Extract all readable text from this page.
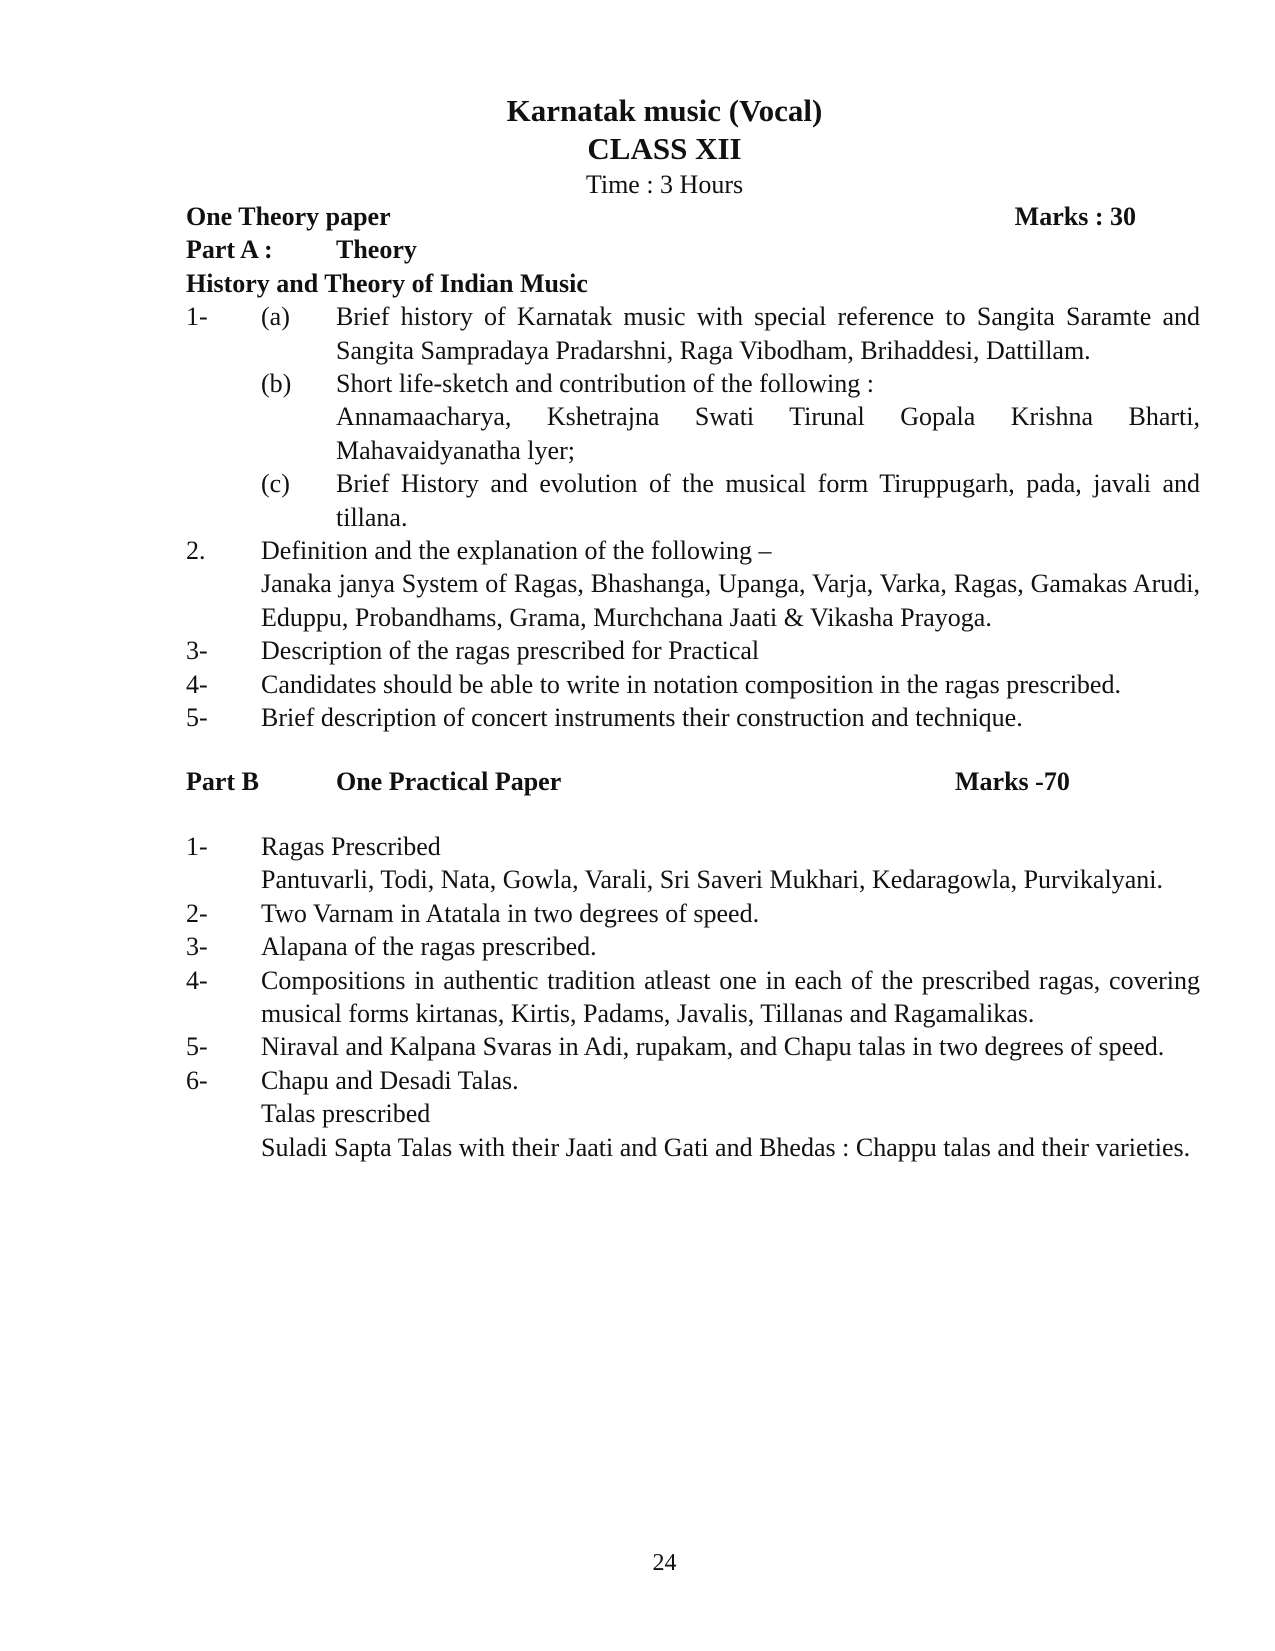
Karnatak music (Vocal)
CLASS XII
Time : 3 Hours
One Theory paper	Marks : 30
Part A :	Theory
History and Theory of Indian Music
1-	(a)	Brief history of Karnatak music with special reference to Sangita Saramte and Sangita Sampradaya Pradarshni, Raga Vibodham, Brihaddesi, Dattillam.
(b)	Short life-sketch and contribution of the following :
Annamaacharya, Kshetrajna Swati Tirunal Gopala Krishna Bharti, Mahavaidyanatha lyer;
(c)	Brief History and evolution of the musical form Tiruppugarh, pada, javali and tillana.
2.	Definition and the explanation of the following –
Janaka janya System of Ragas, Bhashanga, Upanga, Varja, Varka, Ragas, Gamakas Arudi, Eduppu, Probandhams, Grama, Murchchana Jaati & Vikasha Prayoga.
3-	Description of the ragas prescribed for Practical
4-	Candidates should be able to write in notation composition in the ragas prescribed.
5-	Brief description of concert instruments their construction and technique.
Part B	One Practical Paper	Marks -70
1-	Ragas Prescribed
Pantuvarli, Todi, Nata, Gowla, Varali, Sri Saveri Mukhari, Kedaragowla, Purvikalyani.
2-	Two Varnam in Atatala in two degrees of speed.
3-	Alapana of the ragas prescribed.
4-	Compositions in authentic tradition atleast one in each of the prescribed ragas, covering musical forms kirtanas, Kirtis, Padams, Javalis, Tillanas and Ragamalikas.
5-	Niraval and Kalpana Svaras in Adi, rupakam, and Chapu talas in two degrees of speed.
6-	Chapu and Desadi Talas.
Talas prescribed
Suladi Sapta Talas with their Jaati and Gati and Bhedas : Chappu talas and their varieties.
24
